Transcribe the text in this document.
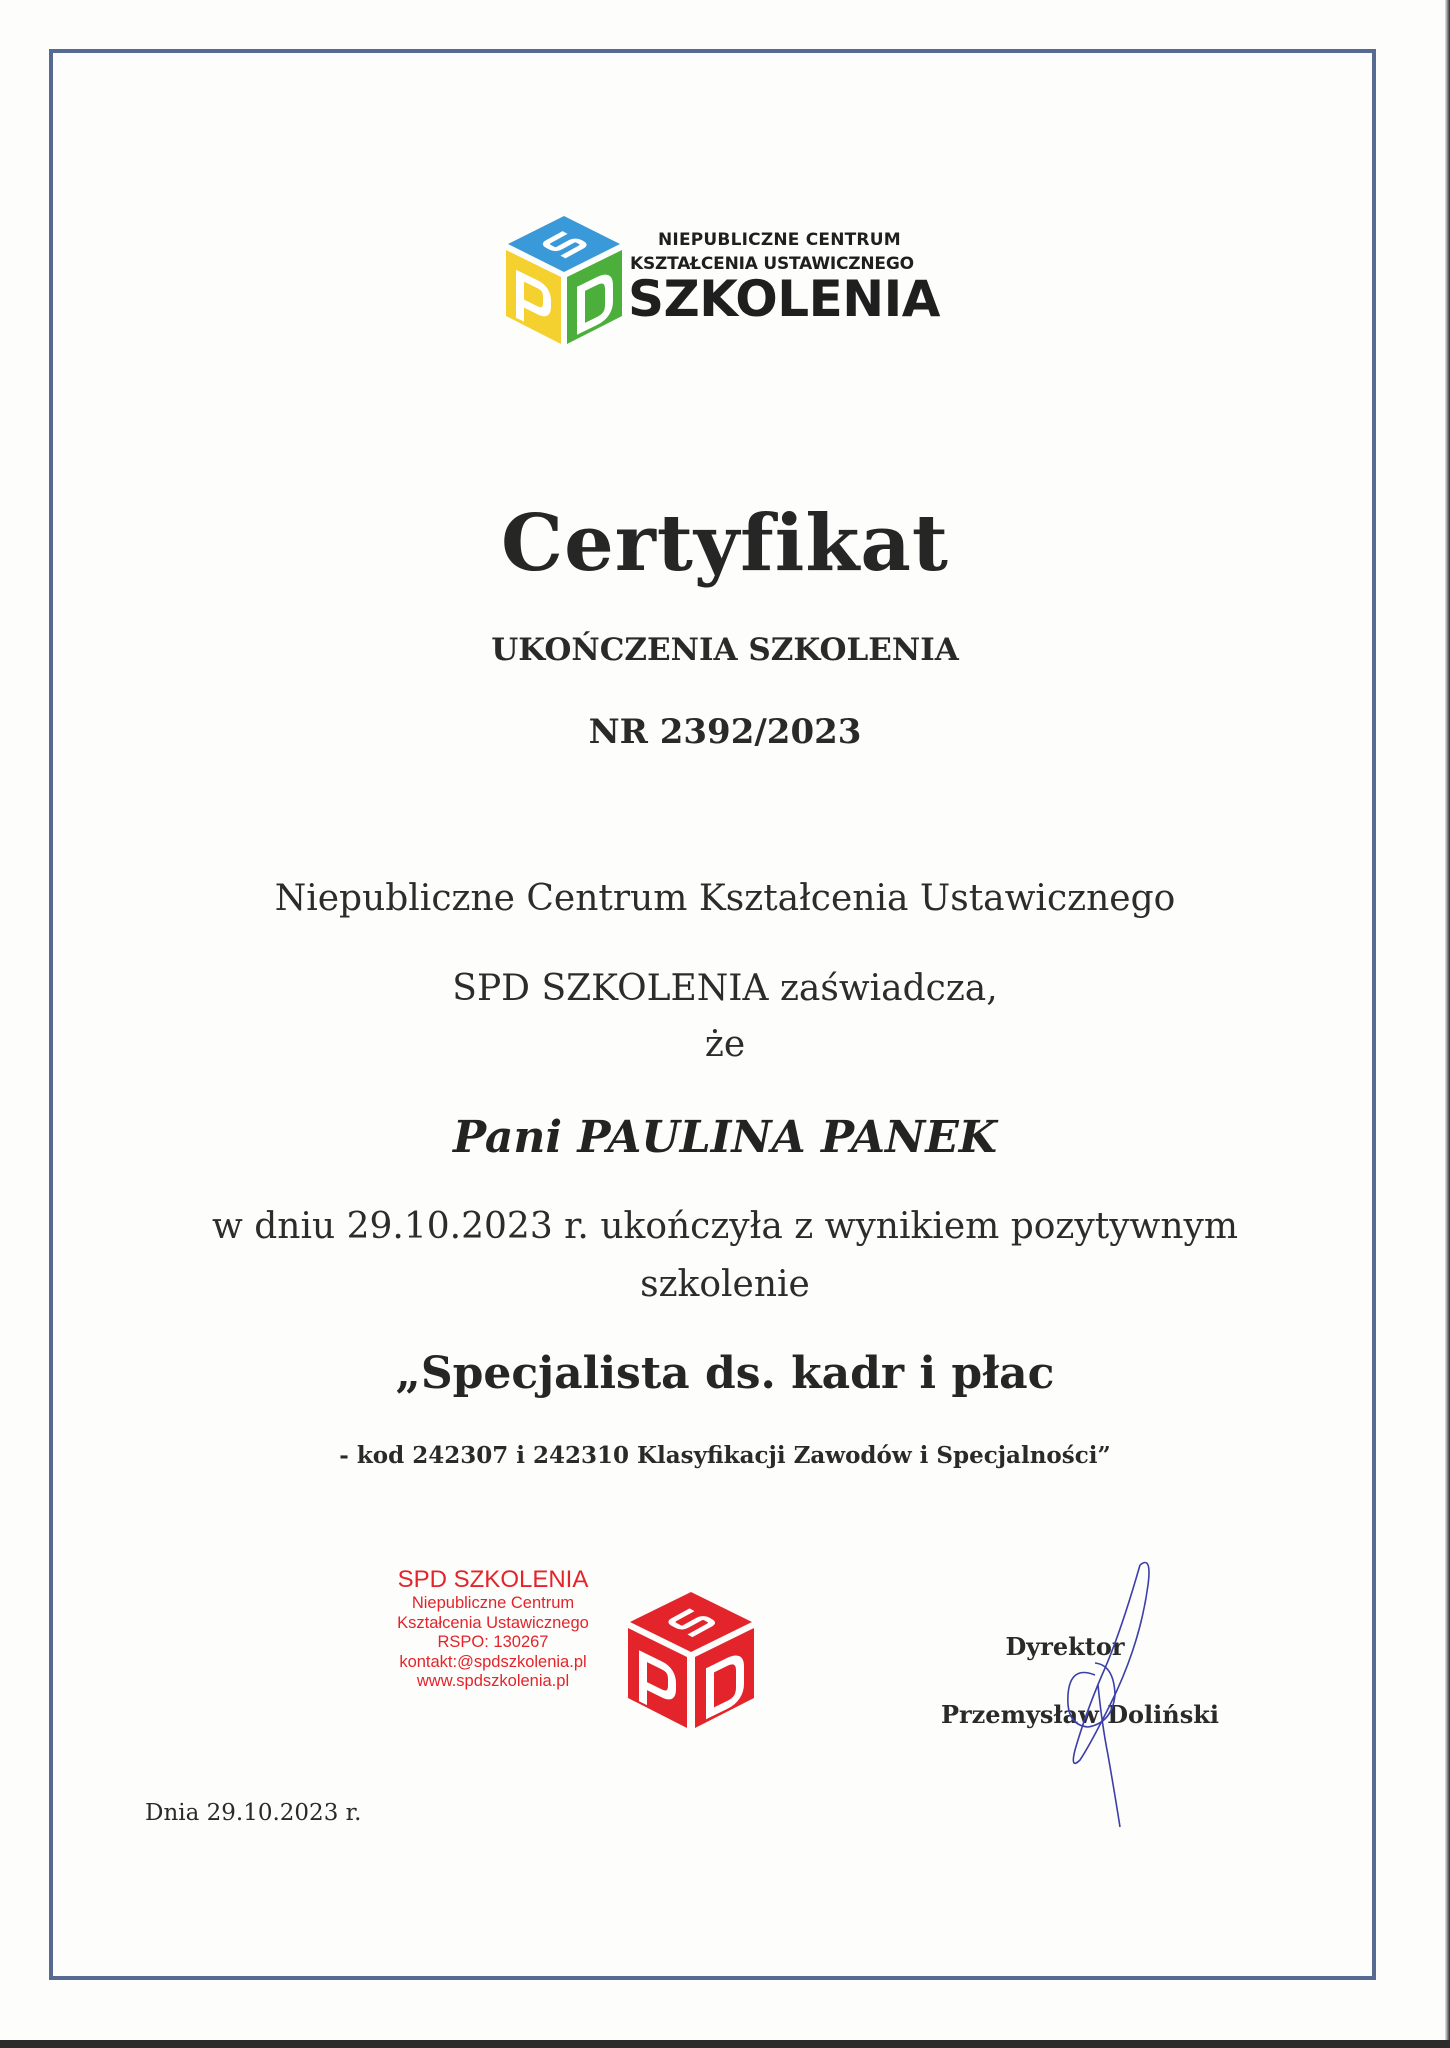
NIEPUBLICZNE CENTRUM
KSZTAŁCENIA USTAWICZNEGO
SZKOLENIA
Certyfikat
UKOŃCZENIA SZKOLENIA
NR 2392/2023
Niepubliczne Centrum Kształcenia Ustawicznego
SPD SZKOLENIA zaświadcza,
że
Pani PAULINA PANEK
w dniu 29.10.2023 r. ukończyła z wynikiem pozytywnym
szkolenie
„Specjalista ds. kadr i płac
- kod 242307 i 242310 Klasyfikacji Zawodów i Specjalności”
SPD SZKOLENIA
Niepubliczne Centrum
Kształcenia Ustawicznego
RSPO: 130267
kontakt:@spdszkolenia.pl
www.spdszkolenia.pl
Dyrektor
Przemysław Doliński
Dnia 29.10.2023 r.
